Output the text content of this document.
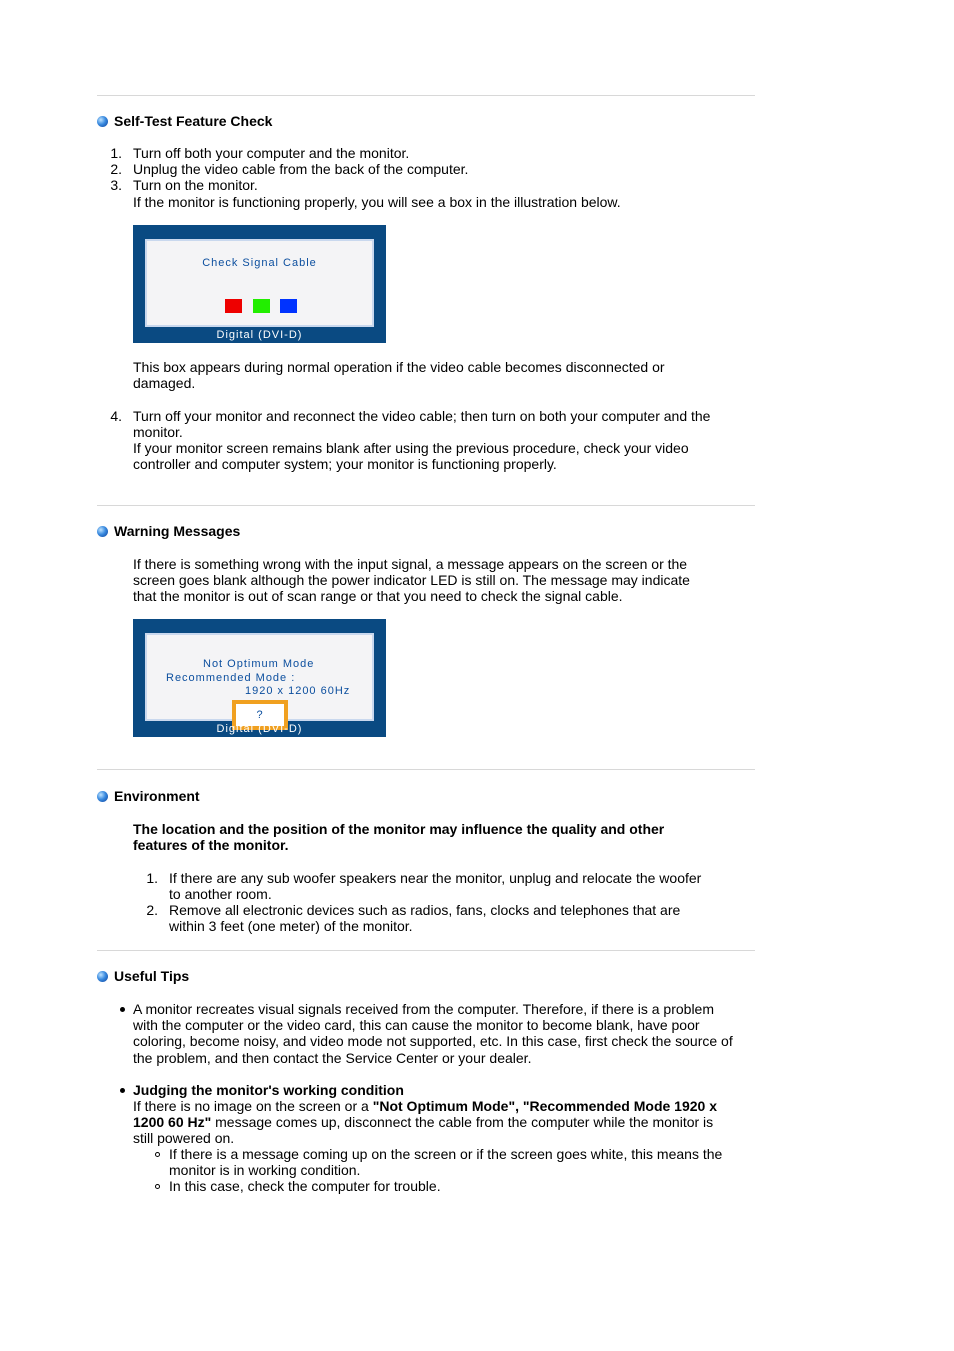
Self-Test Feature Check
1. Turn off both your computer and the monitor.
2. Unplug the video cable from the back of the computer.
3. Turn on the monitor.
If the monitor is functioning properly, you will see a box in the illustration below.
Check Signal Cable
Digital (DVI-D)
This box appears during normal operation if the video cable becomes disconnected or
damaged.
4. Turn off your monitor and reconnect the video cable; then turn on both your computer and the
monitor.
If your monitor screen remains blank after using the previous procedure, check your video
controller and computer system; your monitor is functioning properly.
Warning Messages
If there is something wrong with the input signal, a message appears on the screen or the
screen goes blank although the power indicator LED is still on. The message may indicate
that the monitor is out of scan range or that you need to check the signal cable.
Not Optimum Mode
Recommended Mode :
1920 x 1200 60Hz
?
Digital (DVI-D)
Environment
The location and the position of the monitor may influence the quality and other
features of the monitor.
1. If there are any sub woofer speakers near the monitor, unplug and relocate the woofer
to another room.
2. Remove all electronic devices such as radios, fans, clocks and telephones that are
within 3 feet (one meter) of the monitor.
Useful Tips
A monitor recreates visual signals received from the computer. Therefore, if there is a problem
with the computer or the video card, this can cause the monitor to become blank, have poor
coloring, become noisy, and video mode not supported, etc. In this case, first check the source of
the problem, and then contact the Service Center or your dealer.
Judging the monitor's working condition
If there is no image on the screen or a "Not Optimum Mode", "Recommended Mode 1920 x
1200 60 Hz" message comes up, disconnect the cable from the computer while the monitor is
still powered on.
If there is a message coming up on the screen or if the screen goes white, this means the
monitor is in working condition.
In this case, check the computer for trouble.
